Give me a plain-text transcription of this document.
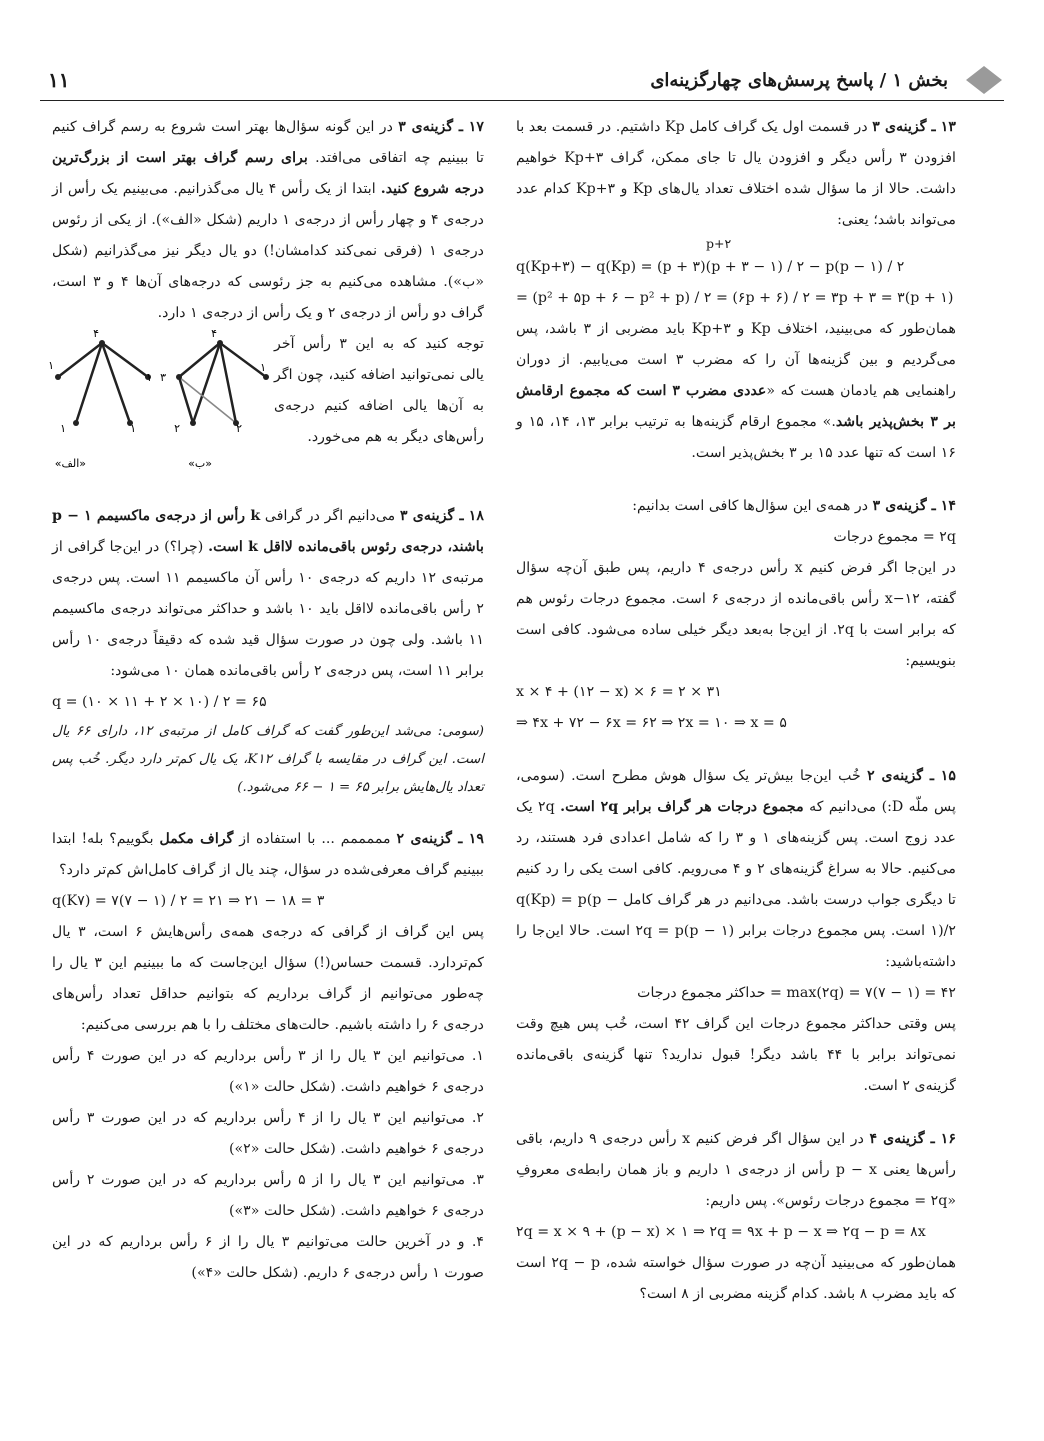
بخش ۱ / پاسخ پرسش‌های چهارگزینه‌ای
۱۱

۱۳ ـ گزینه‌ی ۳ در قسمت اول یک گراف کامل Kp داشتیم. در قسمت بعد با افزودن ۳ رأس دیگر و افزودن یال تا جای ممکن، گراف Kp+۳ خواهیم داشت. حالا از ما سؤال شده اختلاف تعداد یال‌های Kp و Kp+۳ کدام عدد می‌تواند باشد؛ یعنی:

p+۲
q(Kp+۳) − q(Kp) = (p + ۳)(p + ۳ − ۱) / ۲ − p(p − ۱) / ۲
= (p² + ۵p + ۶ − p² + p) / ۲ = (۶p + ۶) / ۲ = ۳p + ۳ = ۳(p + ۱)

همان‌طور که می‌بینید، اختلاف Kp و Kp+۳ باید مضربی از ۳ باشد، پس می‌گردیم و بین گزینه‌ها آن را که مضرب ۳ است می‌یابیم. از دوران راهنمایی هم یادمان هست که «عددی مضرب ۳ است که مجموع ارقامش بر ۳ بخش‌پذیر باشد.» مجموع ارقام گزینه‌ها به ترتیب برابر ۱۳، ۱۴، ۱۵ و ۱۶ است که تنها عدد ۱۵ بر ۳ بخش‌پذیر است.

۱۴ ـ گزینه‌ی ۳ در همه‌ی این سؤال‌ها کافی است بدانیم:

۲q = مجموع درجات

در این‌جا اگر فرض کنیم x رأس درجه‌ی ۴ داریم، پس طبق آن‌چه سؤال گفته، x−۱۲ رأس باقی‌مانده از درجه‌ی ۶ است. مجموع درجات رئوس هم که برابر است با ۲q. از این‌جا به‌بعد دیگر خیلی ساده می‌شود. کافی است بنویسیم:

x × ۴ + (۱۲ − x) × ۶ = ۲ × ۳۱
⇒ ۴x + ۷۲ − ۶x = ۶۲ ⇒ ۲x = ۱۰ ⇒ x = ۵

۱۵ ـ گزینه‌ی ۲ خُب این‌جا بیش‌تر یک سؤال هوش مطرح است. (سومی، پس ملّه D:) می‌دانیم که مجموع درجات هر گراف برابر ۲q است. ۲q یک عدد زوج است. پس گزینه‌های ۱ و ۳ را که شامل اعدادی فرد هستند، رد می‌کنیم. حالا به سراغ گزینه‌های ۲ و ۴ می‌رویم. کافی است یکی را رد کنیم تا دیگری جواب درست باشد. می‌دانیم در هر گراف کامل q(Kp) = p(p − ۱)/۲ است. پس مجموع درجات برابر ۲q = p(p − ۱) است. حالا این‌جا را داشته‌باشید:

max(۲q) = ۷(۷ − ۱) = ۴۲ = حداکثر مجموع درجات

پس وقتی حداکثر مجموع درجات این گراف ۴۲ است، خُب پس هیچ وقت نمی‌تواند برابر با ۴۴ باشد دیگر! قبول ندارید؟ تنها گزینه‌ی باقی‌مانده گزینه‌ی ۲ است.

۱۶ ـ گزینه‌ی ۴ در این سؤال اگر فرض کنیم x رأس درجه‌ی ۹ داریم، باقی رأس‌ها یعنی p − x رأس از درجه‌ی ۱ داریم و باز همان رابطه‌ی معروفِ «۲q = مجموع درجات رئوس». پس داریم:

۲q = x × ۹ + (p − x) × ۱ ⇒ ۲q = ۹x + p − x ⇒ ۲q − p = ۸x

همان‌طور که می‌بینید آن‌چه در صورت سؤال خواسته شده، ۲q − p است که باید مضرب ۸ باشد. کدام گزینه مضربی از ۸ است؟

۱۷ ـ گزینه‌ی ۳ در این گونه سؤال‌ها بهتر است شروع به رسم گراف کنیم تا ببینیم چه اتفاقی می‌افتد. برای رسم گراف بهتر است از بزرگ‌ترین درجه شروع کنید. ابتدا از یک رأس ۴ یال می‌گذرانیم. می‌بینیم یک رأس از درجه‌ی ۴ و چهار رأس از درجه‌ی ۱ داریم (شکل «الف»). از یکی از رئوس درجه‌ی ۱ (فرقی نمی‌کند کدامشان!) دو یال دیگر نیز می‌گذرانیم (شکل «ب»). مشاهده می‌کنیم به جز رئوسی که درجه‌های آن‌ها ۴ و ۳ است، گراف دو رأس از درجه‌ی ۲ و یک رأس از درجه‌ی ۱ دارد.

توجه کنید که به این ۳ رأس آخر یالی نمی‌توانید اضافه کنید، چون اگر به آن‌ها یالی اضافه کنیم درجه‌ی رأس‌های دیگر به هم می‌خورد.

۴
۳
۲	۲
۱
«ب»
۴
۱
۱	۱
۱
«الف»

۱۸ ـ گزینه‌ی ۳ می‌دانیم اگر در گرافی k رأس از درجه‌ی ماکسیمم p − ۱ باشند، درجه‌ی رئوس باقی‌مانده لااقل k است. (چرا؟) در این‌جا گرافی از مرتبه‌ی ۱۲ داریم که درجه‌ی ۱۰ رأس آن ماکسیمم ۱۱ است. پس درجه‌ی ۲ رأس باقی‌مانده لااقل باید ۱۰ باشد و حداکثر می‌تواند درجه‌ی ماکسیمم ۱۱ باشد. ولی چون در صورت سؤال قید شده که دقیقاً درجه‌ی ۱۰ رأس برابر ۱۱ است، پس درجه‌ی ۲ رأس باقی‌مانده همان ۱۰ می‌شود:

q = (۱۰ × ۱۱ + ۲ × ۱۰) / ۲ = ۶۵

(سومی: می‌شد این‌طور گفت که گراف کامل از مرتبه‌ی ۱۲، دارای ۶۶ یال است. این گراف در مقایسه با گراف K۱۲، یک یال کم‌تر دارد دیگر. خُب پس تعداد یال‌هایش برابر ۶۵ = ۱ − ۶۶ می‌شود.)

۱۹ ـ گزینه‌ی ۲ مممممم ... با استفاده از گراف مکمل بگوییم؟ بله! ابتدا ببینیم گراف معرفی‌شده در سؤال، چند یال از گراف کامل‌اش کم‌تر دارد؟

q(K۷) = ۷(۷ − ۱) / ۲ = ۲۱ ⇒ ۲۱ − ۱۸ = ۳

پس این گراف از گرافی که درجه‌ی همه‌ی رأس‌هایش ۶ است، ۳ یال کم‌تردارد. قسمت حساس(!) سؤال این‌جاست که ما ببینیم این ۳ یال را چه‌طور می‌توانیم از گراف برداریم که بتوانیم حداقل تعداد رأس‌های درجه‌ی ۶ را داشته باشیم. حالت‌های مختلف را با هم بررسی می‌کنیم:

۱. می‌توانیم این ۳ یال را از ۳ رأس برداریم که در این صورت ۴ رأس درجه‌ی ۶ خواهیم داشت. (شکل حالت «۱»)

۲. می‌توانیم این ۳ یال را از ۴ رأس برداریم که در این صورت ۳ رأس درجه‌ی ۶ خواهیم داشت. (شکل حالت «۲»)

۳. می‌توانیم این ۳ یال را از ۵ رأس برداریم که در این صورت ۲ رأس درجه‌ی ۶ خواهیم داشت. (شکل حالت «۳»)

۴. و در آخرین حالت می‌توانیم ۳ یال را از ۶ رأس برداریم که در این صورت ۱ رأس درجه‌ی ۶ داریم. (شکل حالت «۴»)
